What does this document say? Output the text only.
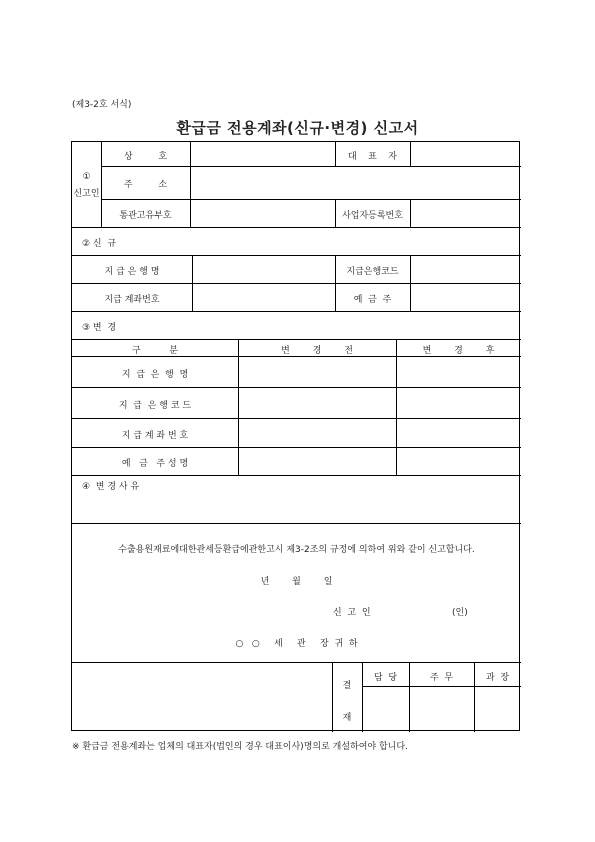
(제3-2호 서식)
환급금 전용계좌(신규·변경) 신고서
①
신고인
상         호	대    표    자
주         소
통관고유부호	사업자등록번호
② 신  규
지 급 은 행 명	지급은행코드
지급 계좌번호	예  금  주
③ 변  경
구          분	변        경        전	변        경        후
지  급  은  행  명
지  급  은 행 코 드
지 급 계 좌 번 호
예   금   주 성 명
④  변 경 사 유
수출용원재료에대한관세등환급에관한고시 제3-2조의 규정에 의하여 위와 같이 신고합니다.
년        월        일
신  고  인	(인)
○   ○     세     관     장  귀  하
결
재
담  당	주  무	과  장
※ 환급금 전용계좌는 업체의 대표자(법인의 경우 대표이사)명의로 개설하여야 합니다.
